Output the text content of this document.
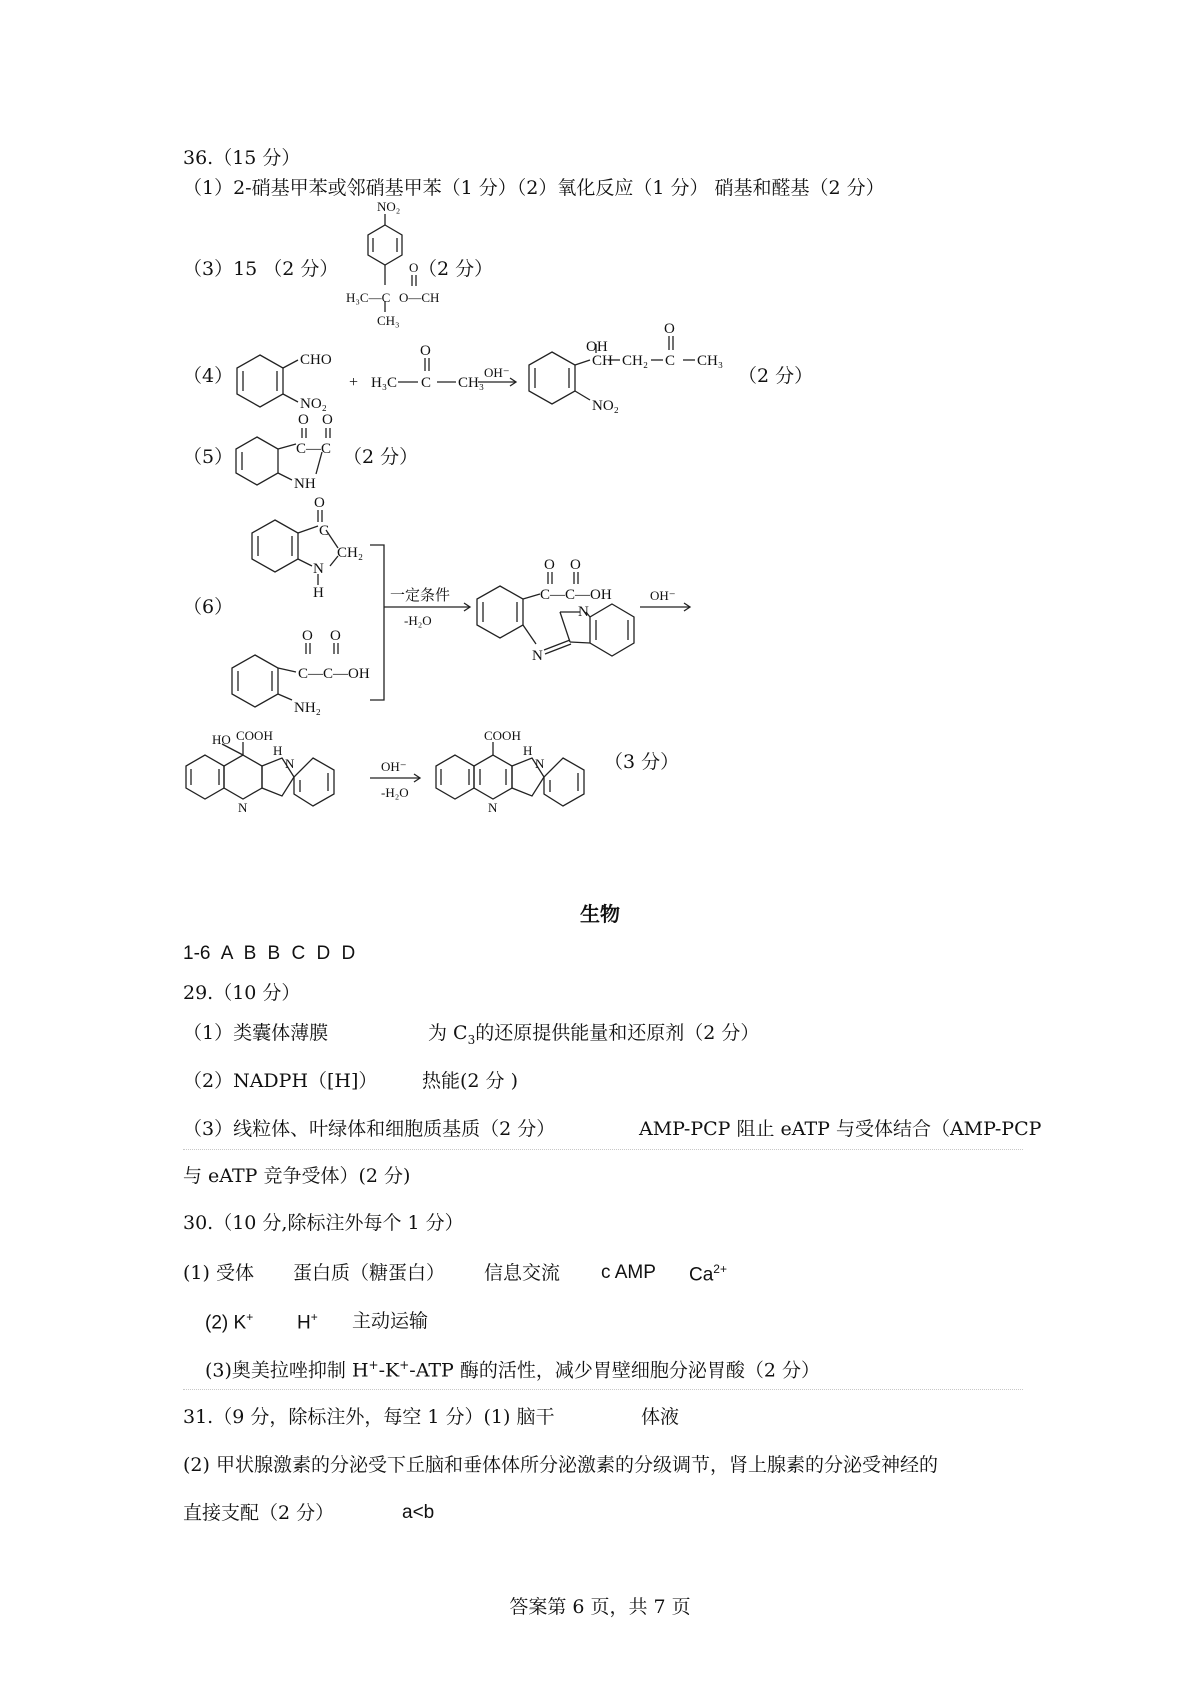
36.（15 分）
（1）2-硝基甲苯或邻硝基甲苯（1 分）（2）氧化反应（1 分） 硝基和醛基（2 分）
（3）15 （2 分）	（2 分）
（4）	（2 分）
（5）	（2 分）
（6）
（3 分）
NO₂
H₃C—C O—CH
O
CH₃
CHO
NO₂
+ H₃C C
O
CH₃
OH⁻
OH
CH CH₂ C
O
CH₃
NO₂
O O
C—C
NH
O
C
CH₂
N
H	一定条件
-H₂O
O O
C—C—OH
NH₂
O O
C—C—OH
N
N
OH⁻
HO COOH
H
N
N
OH⁻
-H₂O
COOH
H
N
N
生物
1-6 A B B C D D
29.（10 分）
（1）类囊体薄膜	为 $C_3$的还原提供能量和还原剂（2 分）
（2）NADPH（[H]） 热能(2 分 )
（3）线粒体、叶绿体和细胞质基质（2 分）	AMP-PCP 阻止 eATP 与受体结合（AMP-PCP
与 eATP 竞争受体）(2 分)
30.（10 分,除标注外每个 1 分）
(1) 受体 蛋白质（糖蛋白） 信息交流 c AMP $Ca^{2+}$
(2) K+ H+ 主动运输
(3)奥美拉唑抑制 H+-K+-ATP 酶的活性，减少胃壁细胞分泌胃酸（2 分）
31.（9 分，除标注外，每空 1 分）(1) 脑干	体液
(2) 甲状腺激素的分泌受下丘脑和垂体体所分泌激素的分级调节，肾上腺素的分泌受神经的
直接支配（2 分）	a<b
答案第 6 页，共 7 页
